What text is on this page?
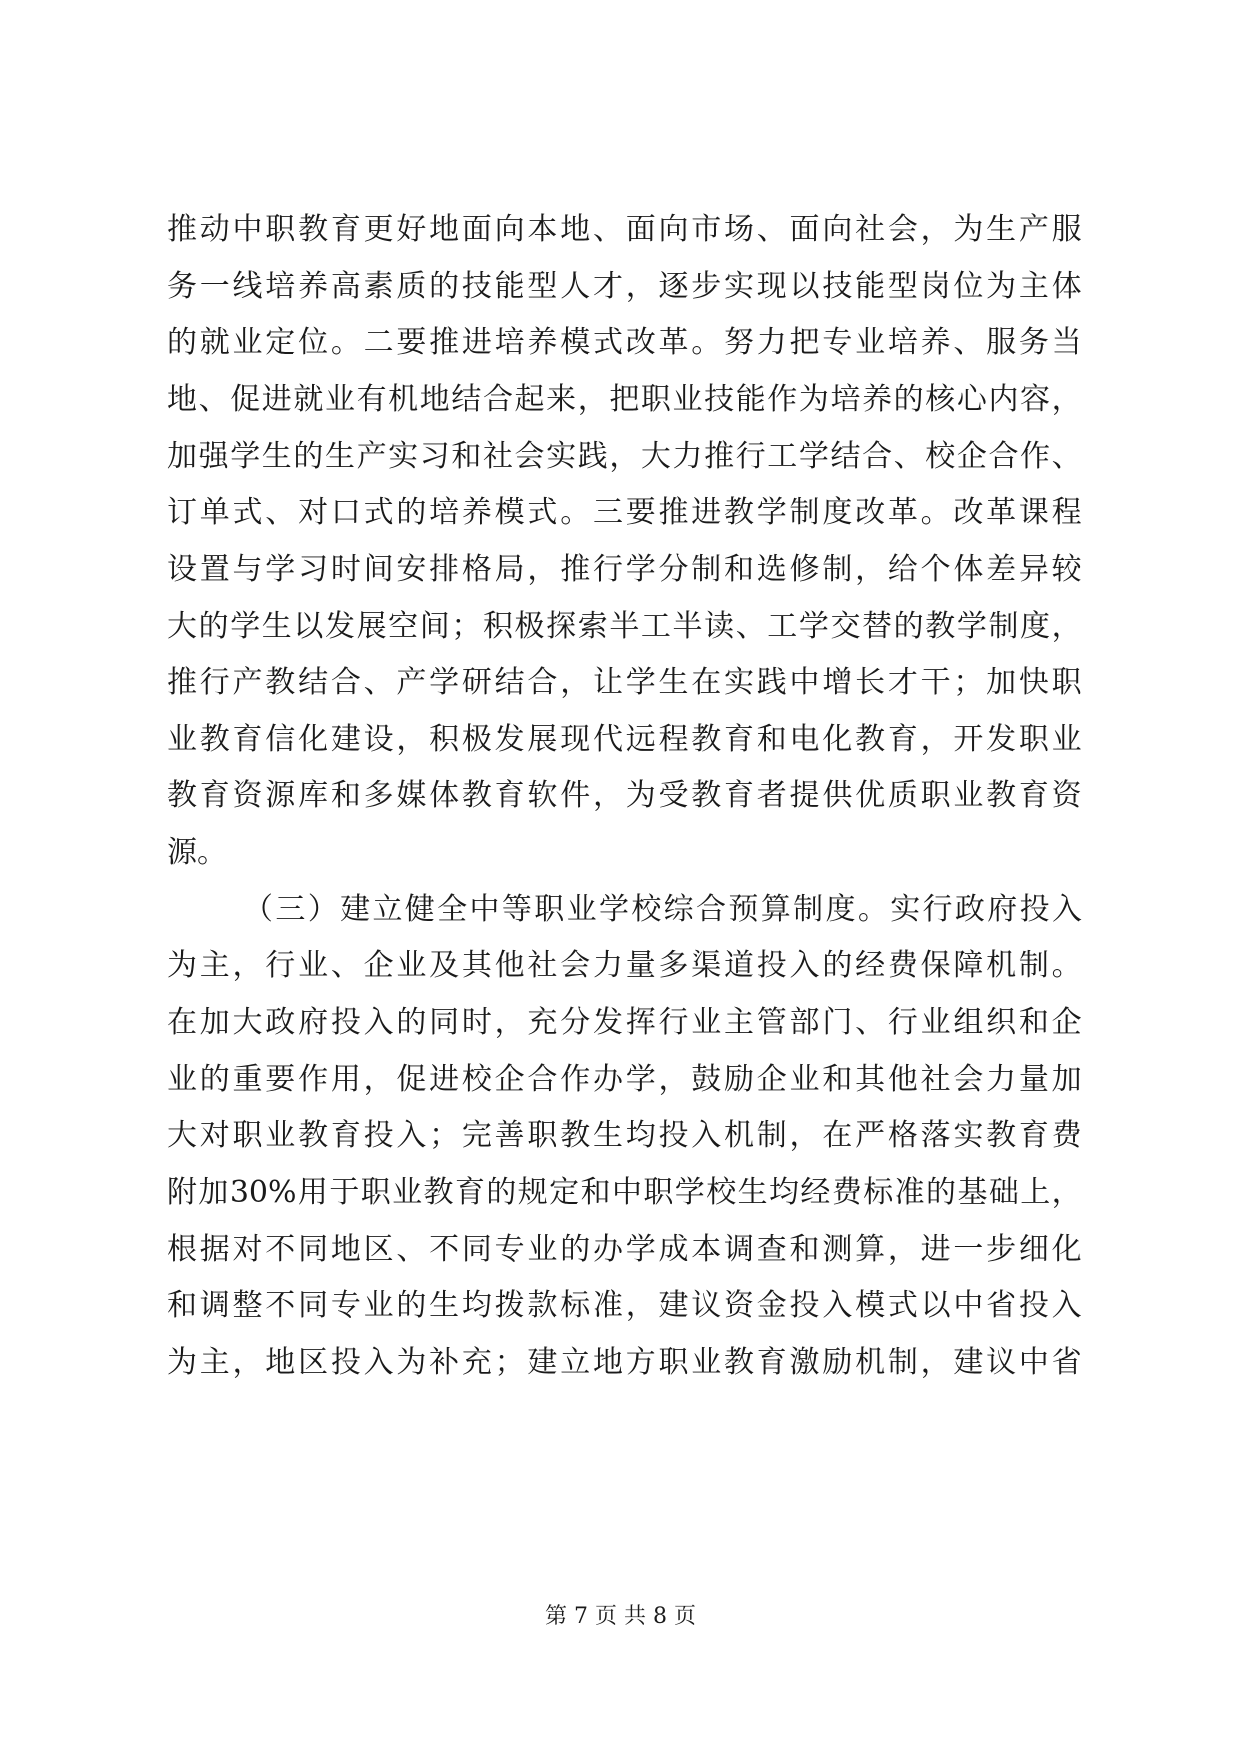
推 动 中 职 教 育 更 好 地 面 向 本 地 、 面 向 市 场 、 面 向 社 会 ， 为 生 产 服
务 一 线 培 养 高 素 质 的 技 能 型 人 才 ， 逐 步 实 现 以 技 能 型 岗 位 为 主 体
的 就 业 定 位 。 二 要 推 进 培 养 模 式 改 革 。 努 力 把 专 业 培 养 、 服 务 当
地 、 促 进 就 业 有 机 地 结 合 起 来 ， 把 职 业 技 能 作 为 培 养 的 核 心 内 容 ，
加 强 学 生 的 生 产 实 习 和 社 会 实 践 ， 大 力 推 行 工 学 结 合 、 校 企 合 作 、
订 单 式 、 对 口 式 的 培 养 模 式 。 三 要 推 进 教 学 制 度 改 革 。 改 革 课 程
设 置 与 学 习 时 间 安 排 格 局 ， 推 行 学 分 制 和 选 修 制 ， 给 个 体 差 异 较
大 的 学 生 以 发 展 空 间 ； 积 极 探 索 半 工 半 读 、 工 学 交 替 的 教 学 制 度 ，
推 行 产 教 结 合 、 产 学 研 结 合 ， 让 学 生 在 实 践 中 增 长 才 干 ； 加 快 职
业 教 育 信 化 建 设 ， 积 极 发 展 现 代 远 程 教 育 和 电 化 教 育 ， 开 发 职 业
教 育 资 源 库 和 多 媒 体 教 育 软 件 ， 为 受 教 育 者 提 供 优 质 职 业 教 育 资
源。
（ 三 ） 建 立 健 全 中 等 职 业 学 校 综 合 预 算 制 度 。 实 行 政 府 投 入
为 主 ， 行 业 、 企 业 及 其 他 社 会 力 量 多 渠 道 投 入 的 经 费 保 障 机 制 。
在 加 大 政 府 投 入 的 同 时 ， 充 分 发 挥 行 业 主 管 部 门 、 行 业 组 织 和 企
业 的 重 要 作 用 ， 促 进 校 企 合 作 办 学 ， 鼓 励 企 业 和 其 他 社 会 力 量 加
大 对 职 业 教 育 投 入 ； 完 善 职 教 生 均 投 入 机 制 ， 在 严 格 落 实 教 育 费
附 加 30% 用 于 职 业 教 育 的 规 定 和 中 职 学 校 生 均 经 费 标 准 的 基 础 上 ，
根 据 对 不 同 地 区 、 不 同 专 业 的 办 学 成 本 调 查 和 测 算 ， 进 一 步 细 化
和 调 整 不 同 专 业 的 生 均 拨 款 标 准 ， 建 议 资 金 投 入 模 式 以 中 省 投 入
为 主 ， 地 区 投 入 为 补 充 ； 建 立 地 方 职 业 教 育 激 励 机 制 ， 建 议 中 省
第 7 页 共 8 页
